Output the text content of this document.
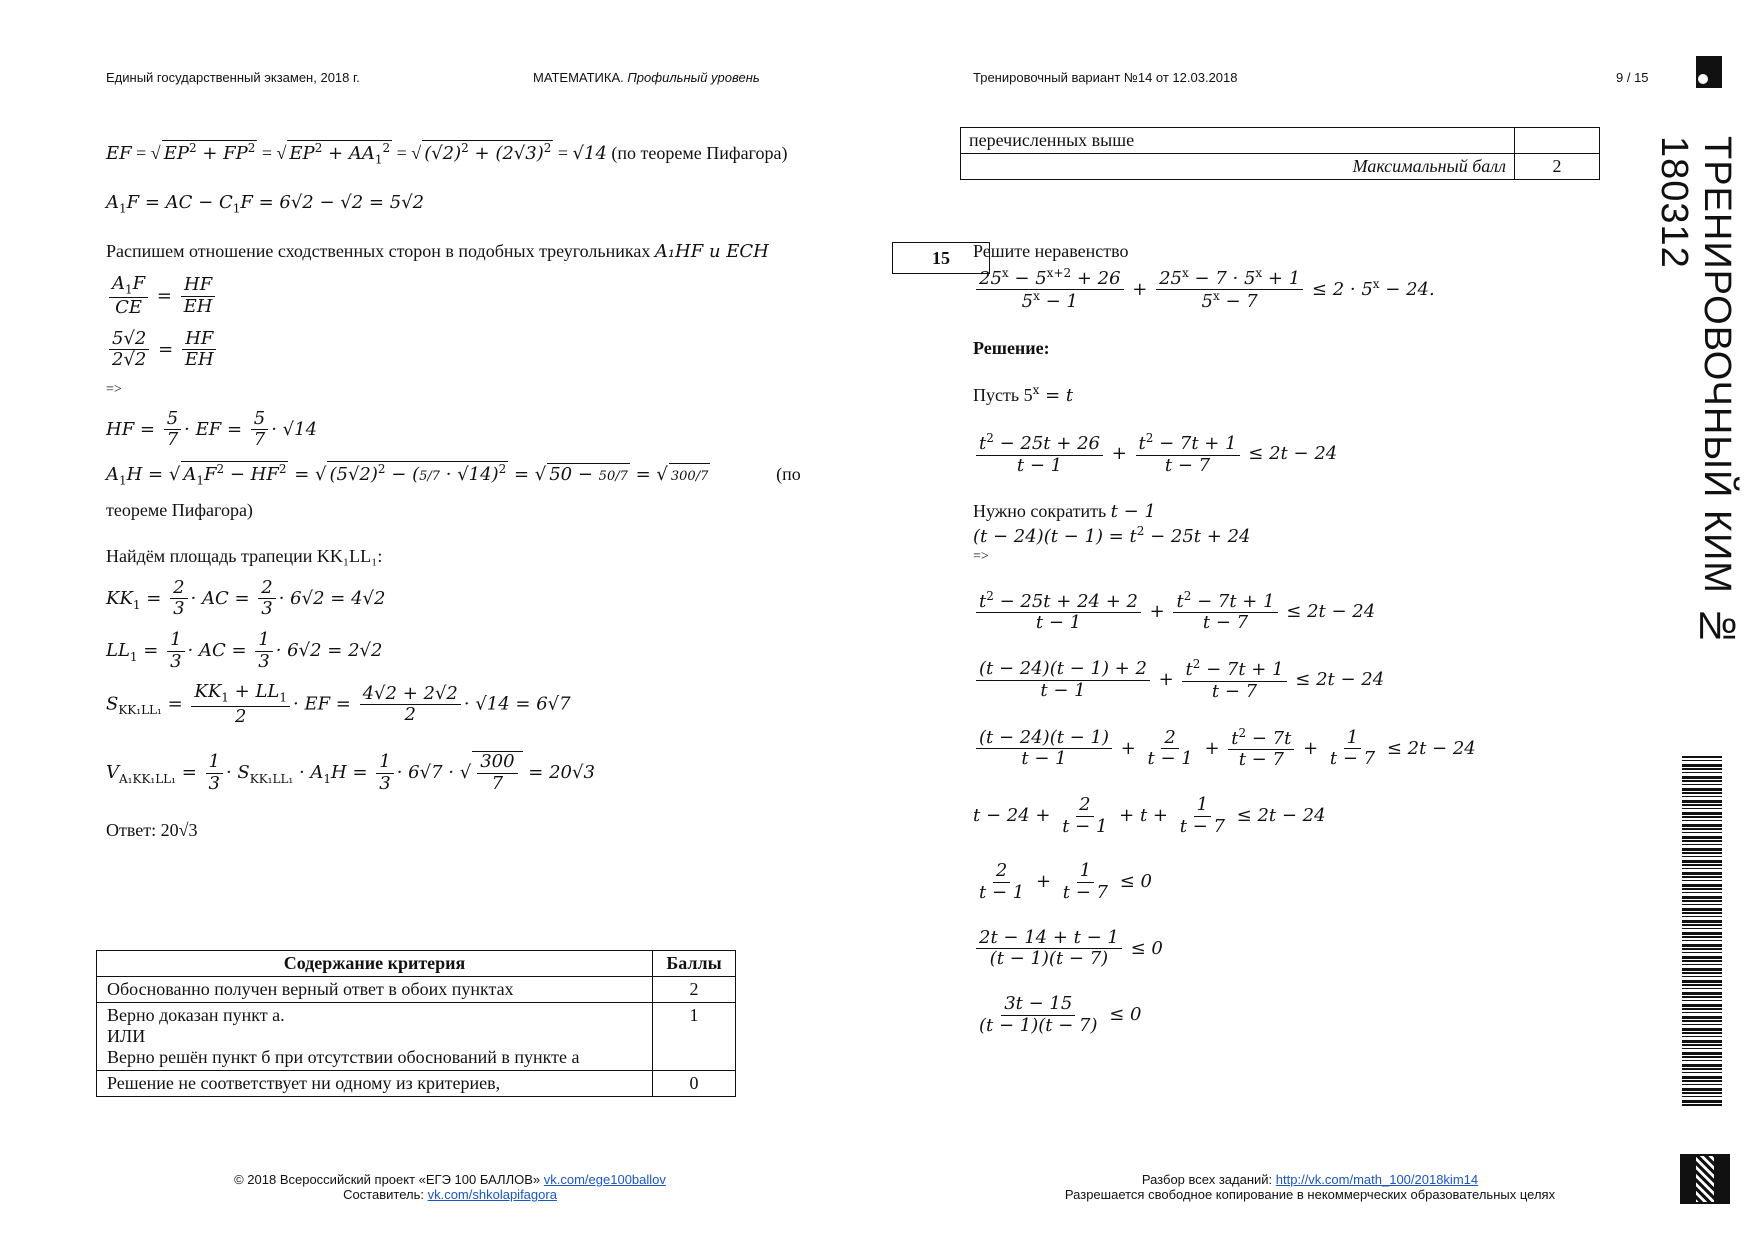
Единый государственный экзамен, 2018 г.	МАТЕМАТИКА. Профильный уровень	Тренировочный вариант №14 от 12.03.2018	9 / 15
EF = √ $EP^2 + FP^2$ = √ $EP^2 + AA_1^2$ = √ $(√2)^2 + (2√3)^2 = √14$ (по теореме Пифагора)
$A_1F$ = AC − $C_1F = 6√2 - √2 = 5√2$
Распишем отношение сходственных сторон в подобных треугольниках A₁HF и ECH
$\frac{A_1F}{CE} = \frac{HF}{EH}$
$\frac{5√2}{2√2} = \frac{HF}{EH}$
=>
HF = $\frac{5}{7}$ · EF = $\frac{5}{7} \cdot √14$
$A_1H$ = √ $A_1F^2 - HF^2$ = √ $(5√2)^2 - (5/7 \cdot √14)^2$ = √ 50 − 50/7 = √ 300/7	(по
теореме Пифагора)
Найдём площадь трапеции KK₁LL₁:
$KK_1 = \frac{2}{3}$ · AC = $\frac{2}{3} \cdot 6√2 = 4√2$
$LL_1 = \frac{1}{3}$ · AC = $\frac{1}{3} \cdot 6√2 = 2√2$
$S_{KK_1LL_1} = \frac{KK_1 + LL_1}{2}$ · EF = $\frac{4√2 + 2√2}{2} \cdot √14 = 6√7$
$V_{A_1KK_1LL_1} = \frac{1}{3} \cdot S_{KK_1LL_1} \cdot A_1H = \frac{1}{3} \cdot 6√7$ · √ $\frac{300}{7} = 20√3$
Ответ: 20√3
Содержание критерия	Баллы
Обоснованно получен верный ответ в обоих пунктах	2

Верно доказан пункт а.
ИЛИ
Верно решён пункт б при отсутствии обоснований в пункте а	1
Решение не соответствует ни одному из критериев,	0
перечисленных выше	
Максимальный балл	2
15	Решите неравенство
$\frac{25^x - 5^{x+2} + 26}{5^x - 1} + \frac{25^x - 7 \cdot 5^x + 1}{5^x - 7} \le 2 \cdot 5^x - 24$.
Решение:
Пусть $5^x = t$
$\frac{t^2 - 25t + 26}{t - 1} + \frac{t^2 - 7t + 1}{t - 7} \le 2t - 24$
Нужно сократить t − 1
$(t - 24)(t - 1) = t^2 - 25t + 24$
=>
$\frac{t^2 - 25t + 24 + 2}{t - 1} + \frac{t^2 - 7t + 1}{t - 7} \le 2t - 24$
$\frac{(t - 24)(t - 1) + 2}{t - 1} + \frac{t^2 - 7t + 1}{t - 7} \le 2t - 24$
$\frac{(t - 24)(t - 1)}{t - 1} + \frac{2}{t - 1} + \frac{t^2 - 7t}{t - 7} + \frac{1}{t - 7} \le 2t - 24$
$t - 24 + \frac{2}{t - 1} + t + \frac{1}{t - 7} \le 2t - 24$
$\frac{2}{t - 1} + \frac{1}{t - 7} \le 0$
$\frac{2t - 14 + t - 1}{(t - 1)(t - 7)} \le 0$
$\frac{3t - 15}{(t - 1)(t - 7)} \le 0$
ТРЕНИРОВОЧНЫЙ КИМ № 180312
© 2018 Всероссийский проект «ЕГЭ 100 БАЛЛОВ» vk.com/ege100ballov
Составитель: vk.com/shkolapifagora
Разбор всех заданий: http://vk.com/math_100/2018kim14
Разрешается свободное копирование в некоммерческих образовательных целях
